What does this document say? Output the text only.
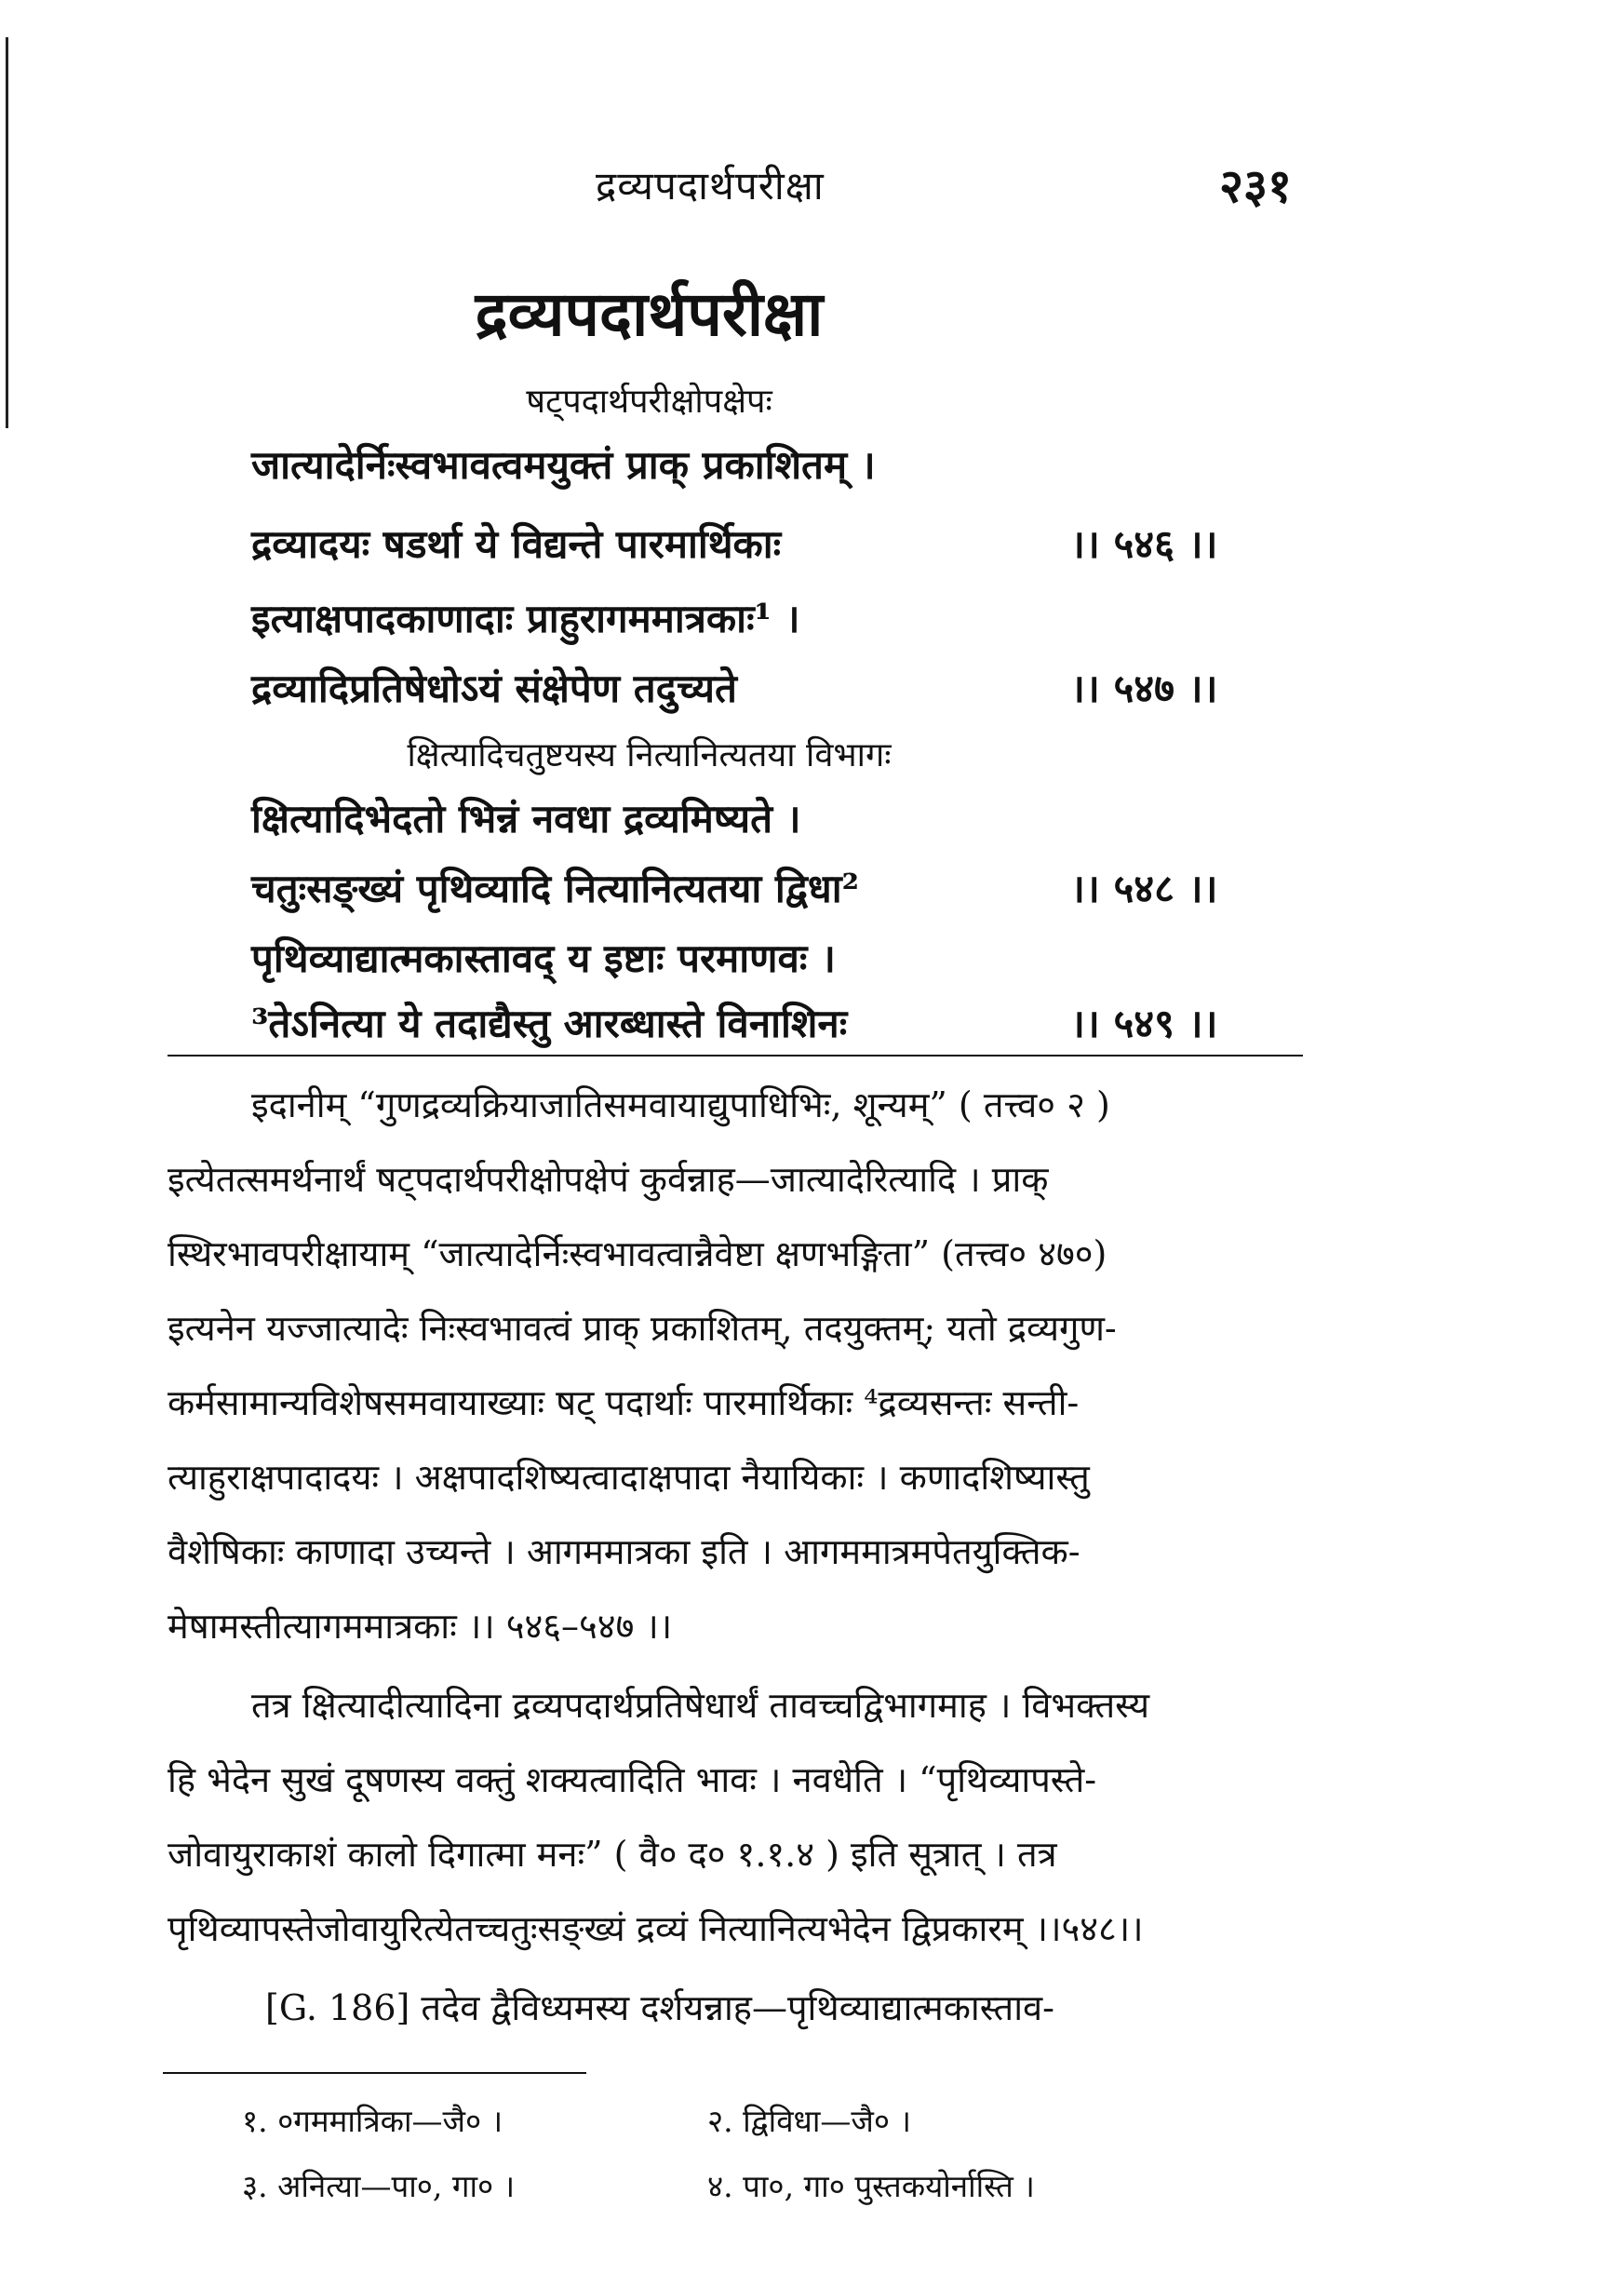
द्रव्यपदार्थपरीक्षा	२३१
द्रव्यपदार्थपरीक्षा
षट्पदार्थपरीक्षोपक्षेपः
जात्यादेर्निःस्वभावत्वमयुक्तं प्राक् प्रकाशितम् ।
द्रव्यादयः षडर्था ये विद्यन्ते पारमार्थिकाः	।। ५४६ ।।
इत्याक्षपादकाणादाः प्राहुरागममात्रकाः¹ ।
द्रव्यादिप्रतिषेधोऽयं संक्षेपेण तदुच्यते	।। ५४७ ।।
क्षित्यादिचतुष्टयस्य नित्यानित्यतया विभागः
क्षित्यादिभेदतो भिन्नं नवधा द्रव्यमिष्यते ।
चतुःसङ्ख्यं पृथिव्यादि नित्यानित्यतया द्विधा²	।। ५४८ ।।
पृथिव्याद्यात्मकास्तावद् य इष्टाः परमाणवः ।
³तेऽनित्या ये तदाद्यैस्तु आरब्धास्ते विनाशिनः	।। ५४९ ।।
इदानीम् “गुणद्रव्यक्रियाजातिसमवायाद्युपाधिभिः, शून्यम्” ( तत्त्व० २ )
इत्येतत्समर्थनार्थं षट्पदार्थपरीक्षोपक्षेपं कुर्वन्नाह—जात्यादेरित्यादि । प्राक्
स्थिरभावपरीक्षायाम् “जात्यादेर्निःस्वभावत्वान्नैवेष्टा क्षणभङ्गिता” (तत्त्व० ४७०)
इत्यनेन यज्जात्यादेः निःस्वभावत्वं प्राक् प्रकाशितम्, तदयुक्तम्; यतो द्रव्यगुण-
कर्मसामान्यविशेषसमवायाख्याः षट् पदार्थाः पारमार्थिकाः ⁴द्रव्यसन्तः सन्ती-
त्याहुराक्षपादादयः । अक्षपादशिष्यत्वादाक्षपादा नैयायिकाः । कणादशिष्यास्तु
वैशेषिकाः काणादा उच्यन्ते । आगममात्रका इति । आगममात्रमपेतयुक्तिक-
मेषामस्तीत्यागममात्रकाः ।। ५४६–५४७ ।।
तत्र क्षित्यादीत्यादिना द्रव्यपदार्थप्रतिषेधार्थं तावच्चद्विभागमाह । विभक्तस्य
हि भेदेन सुखं दूषणस्य वक्तुं शक्यत्वादिति भावः । नवधेति । “पृथिव्यापस्ते-
जोवायुराकाशं कालो दिगात्मा मनः” ( वै० द० १.१.४ ) इति सूत्रात् । तत्र
पृथिव्यापस्तेजोवायुरित्येतच्चतुःसङ्ख्यं द्रव्यं नित्यानित्यभेदेन द्विप्रकारम् ।।५४८।।
[G. 186] तदेव द्वैविध्यमस्य दर्शयन्नाह—पृथिव्याद्यात्मकास्ताव-
१. ०गममात्रिका—जै० ।	२. द्विविधा—जै० ।
३. अनित्या—पा०, गा० ।	४. पा०, गा० पुस्तकयोर्नास्ति ।
